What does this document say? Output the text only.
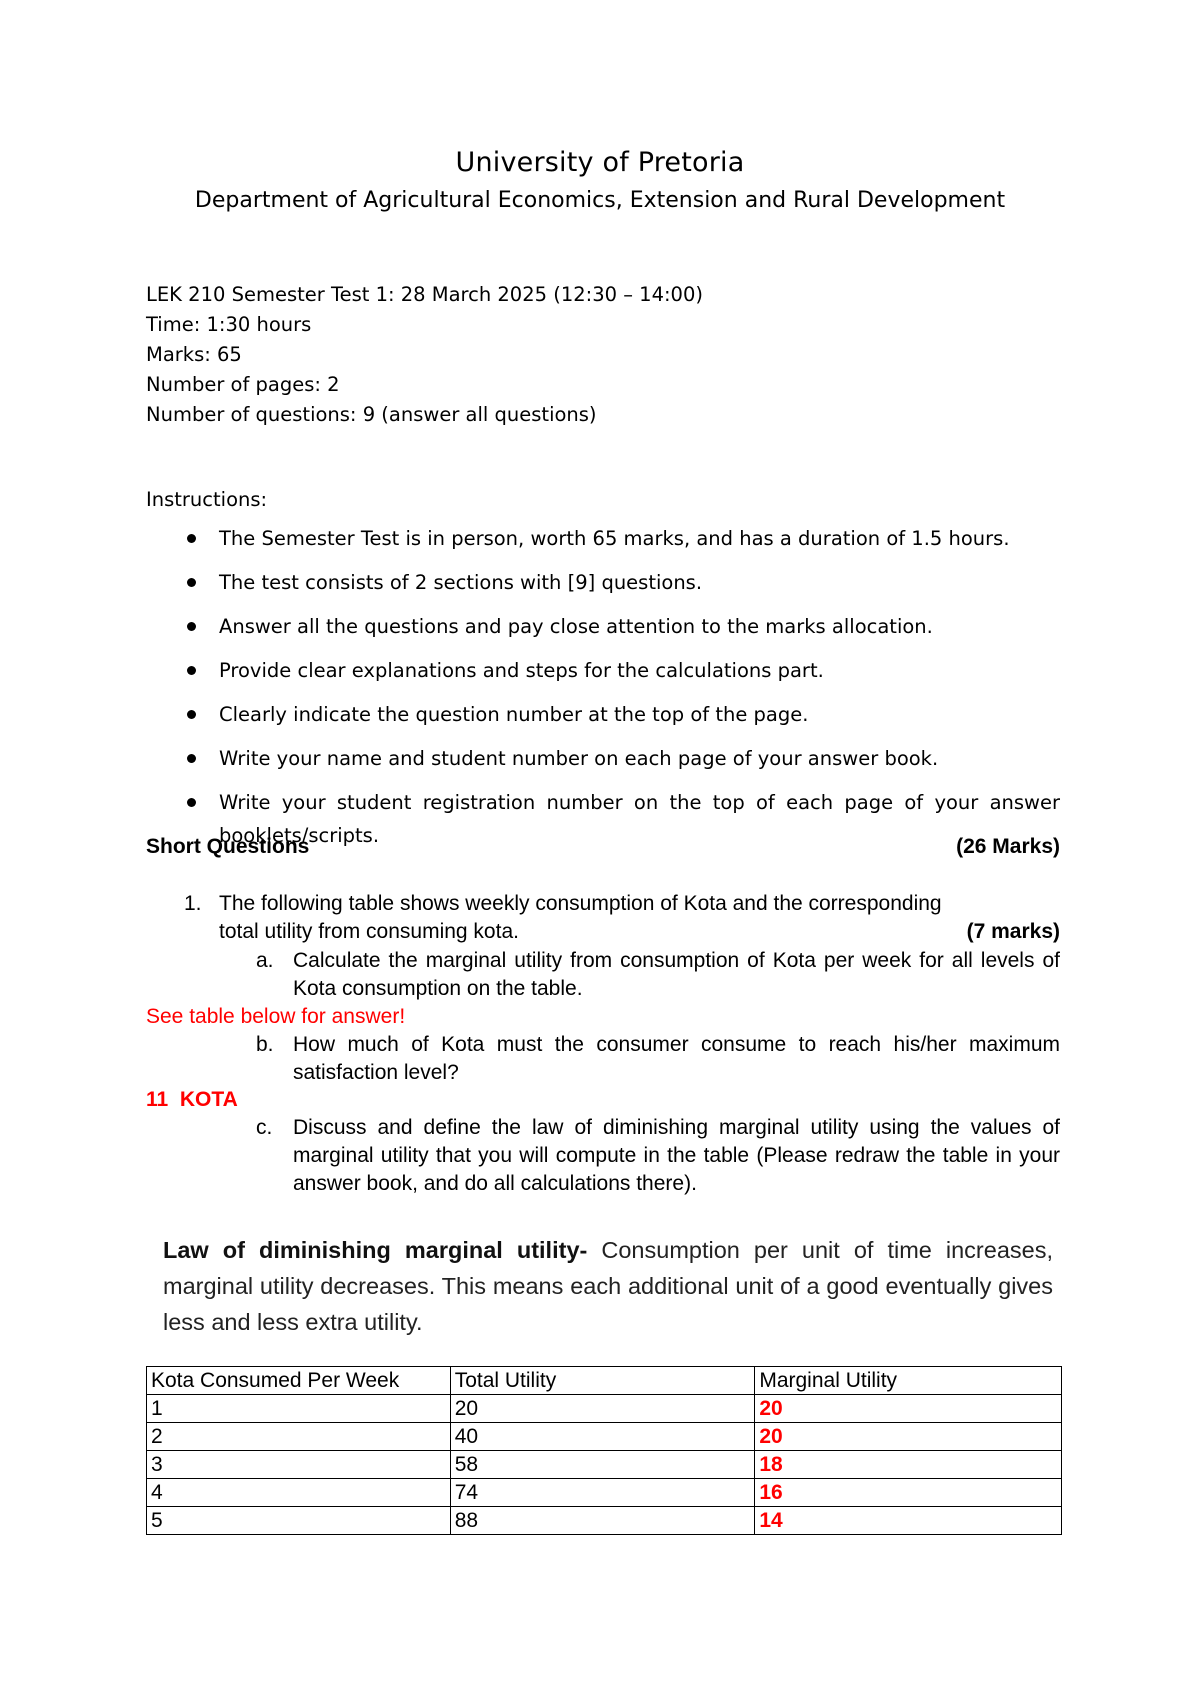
University of Pretoria
Department of Agricultural Economics, Extension and Rural Development
LEK 210 Semester Test 1: 28 March 2025 (12:30 – 14:00)
Time: 1:30 hours
Marks: 65
Number of pages: 2
Number of questions: 9 (answer all questions)
Instructions:
The Semester Test is in person, worth 65 marks, and has a duration of 1.5 hours.
The test consists of 2 sections with [9] questions.
Answer all the questions and pay close attention to the marks allocation.
Provide clear explanations and steps for the calculations part.
Clearly indicate the question number at the top of the page.
Write your name and student number on each page of your answer book.
Write your student registration number on the top of each page of your answer booklets/scripts.
Short Questions	(26 Marks)
1. The following table shows weekly consumption of Kota and the corresponding
total utility from consuming kota.	(7 marks)
a. Calculate the marginal utility from consumption of Kota per week for all levels of Kota consumption on the table.
See table below for answer!
b. How much of Kota must the consumer consume to reach his/her maximum satisfaction level?
11  KOTA
c. Discuss and define the law of diminishing marginal utility using the values of marginal utility that you will compute in the table (Please redraw the table in your answer book, and do all calculations there).
Law of diminishing marginal utility- Consumption per unit of time increases, marginal utility decreases. This means each additional unit of a good eventually gives less and less extra utility.
Kota Consumed Per Week	Total Utility	Marginal Utility
1	20	20
2	40	20
3	58	18
4	74	16
5	88	14
